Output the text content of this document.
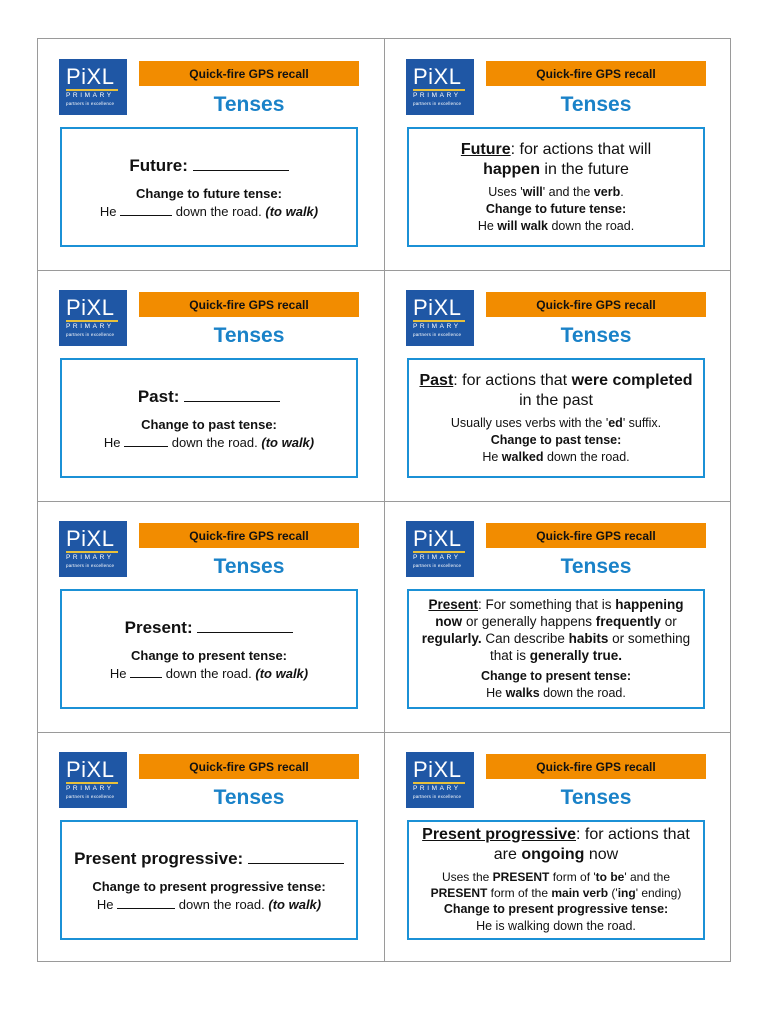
PiXL
PRIMARY
partners in excellence
Quick-fire GPS recall
Tenses
Future:
Change to future tense:
He	down the road. (to walk)
PiXL
PRIMARY
partners in excellence
Quick-fire GPS recall
Tenses
Future: for actions that will
happen in the future
Uses 'will' and the verb.
Change to future tense:
He will walk down the road.
PiXL
PRIMARY
partners in excellence
Quick-fire GPS recall
Tenses
Past:
Change to past tense:
He	down the road. (to walk)
PiXL
PRIMARY
partners in excellence
Quick-fire GPS recall
Tenses
Past: for actions that were completed in the past
Usually uses verbs with the 'ed' suffix.
Change to past tense:
He walked down the road.
PiXL
PRIMARY
partners in excellence
Quick-fire GPS recall
Tenses
Present:
Change to present tense:
He	down the road. (to walk)
PiXL
PRIMARY
partners in excellence
Quick-fire GPS recall
Tenses
Present: For something that is happening now or generally happens frequently or regularly. Can describe habits or something that is generally true.
Change to present tense:
He walks down the road.
PiXL
PRIMARY
partners in excellence
Quick-fire GPS recall
Tenses
Present progressive:
Change to present progressive tense:
He	down the road. (to walk)
PiXL
PRIMARY
partners in excellence
Quick-fire GPS recall
Tenses
Present progressive: for actions that are ongoing now
Uses the PRESENT form of 'to be' and the PRESENT form of the main verb ('ing' ending)
Change to present progressive tense:
He is walking down the road.
